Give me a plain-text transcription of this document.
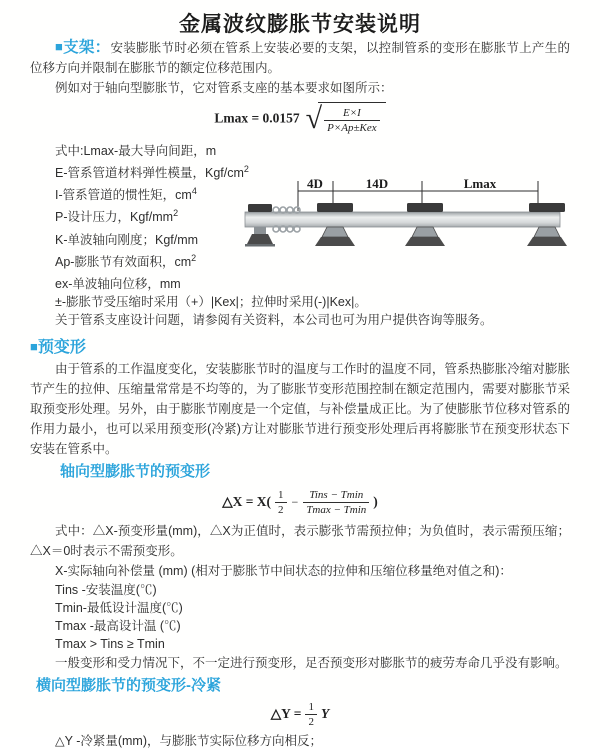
金属波纹膨胀节安装说明

■支架：安装膨胀节时必须在管系上安装必要的支架，以控制管系的变形在膨胀节上产生的位移方向并限制在膨胀节的额定位移范围内。

例如对于轴向型膨胀节，它对管系支座的基本要求如图所示：

Lmax = 0.0157 √ $\frac{E\times I}{\text{P×Ap±Kex}}$
式中:Lmax-最大导向间距，m
E-管系管道材料弹性模量，Kgf/$cm^2$
I-管系管道的惯性矩，$cm^4$
P-设计压力，Kgf/$mm^2$
K-单波轴向刚度；Kgf/mm
Ap-膨胀节有效面积，$cm^2$
ex-单波轴向位移，mm

±-膨胀节受压缩时采用（+）|Kex|；拉伸时采用(-)|Kex|。

关于管系支座设计问题，请参阅有关资料，本公司也可为用户提供咨询等服务。

■预变形

由于管系的工作温度变化，安装膨胀节时的温度与工作时的温度不同，管系热膨胀冷缩对膨胀节产生的拉伸、压缩量常常是不均等的，为了膨胀节变形范围控制在额定范围内，需要对膨胀节采取预变形处理。另外，由于膨胀节刚度是一个定值，与补偿量成正比。为了使膨胀节位移对管系的作用力最小，也可以采用预变形(冷紧)方让对膨胀节进行预变形处理后再将膨胀节在预变形状态下安装在管系中。

轴向型膨胀节的预变形
△X = $X( \frac{1}{2} - \frac{\text{Tins − Tmin}}{Tmax - Tmin}$ )

式中：△X-预变形量(mm)，△X为正值时，表示膨张节需预拉伸；为负值时，表示需预压缩；△X＝0时表示不需预变形。

X-实际轴向补偿量 (mm) (相对于膨胀节中间状态的拉伸和压缩位移量绝对值之和)：

Tins -安装温度(℃)
Tmin-最低设计温度(℃)
Tmax -最高设计温 (℃)
Tmax > Tins ≥ Tmin

一般变形和受力情况下，不一定进行预变形，足否预变形对膨胀节的疲劳寿命几乎没有影响。

横向型膨胀节的预变形-冷紧
△Y = $\frac{1}{2}$ Y

△Y -冷紧量(mm)，与膨胀节实际位移方向相反；

4D	14D	Lmax
